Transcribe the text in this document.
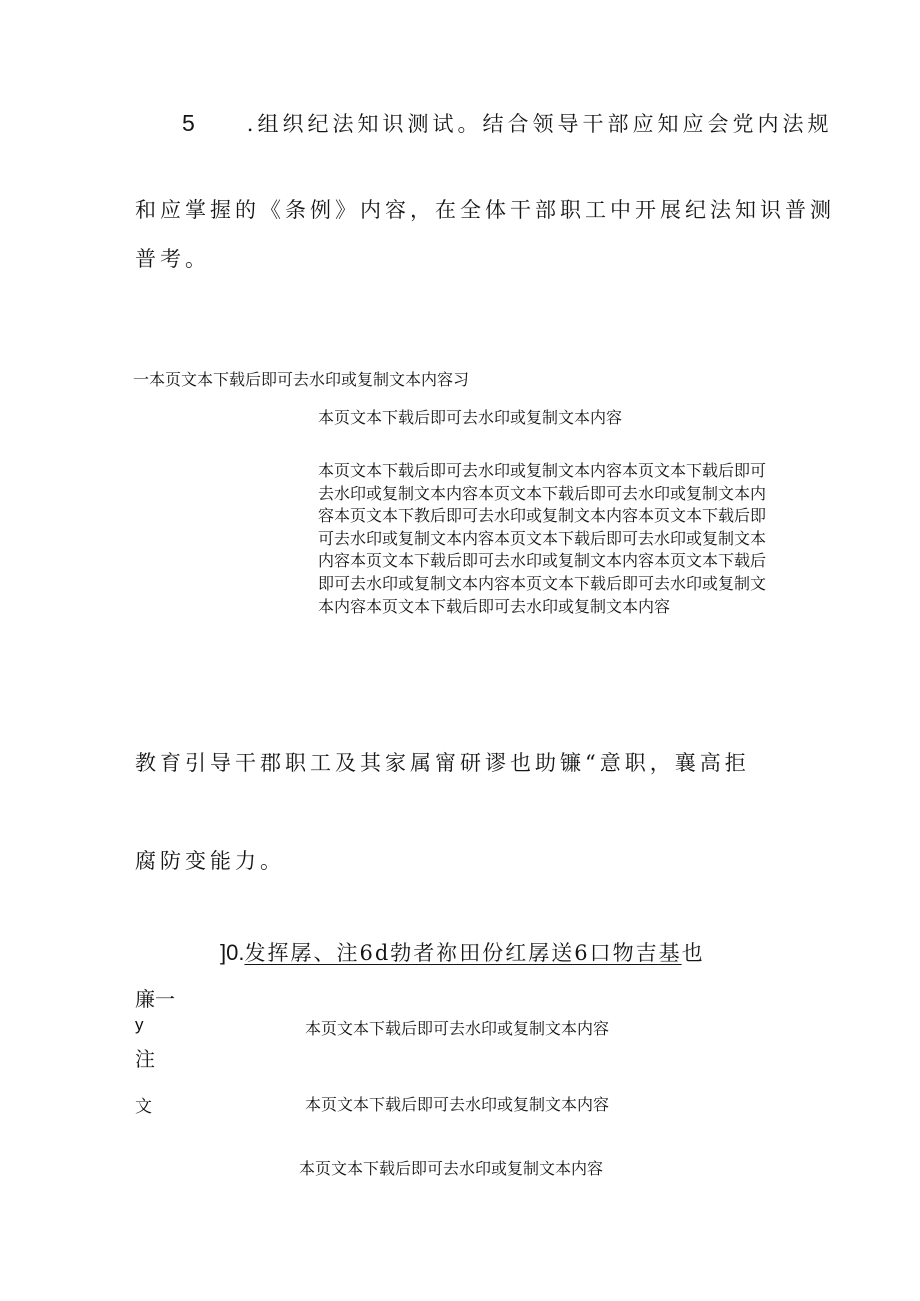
5 .组织纪法知识测试。结合领导干部应知应会党内法规
和应掌握的《条例》内容，在全体干部职工中开展纪法知识普测
普考。
一本页文本下载后即可去水印或复制文本内容习
本页文本下载后即可去水印或复制文本内容
本页文本下载后即可去水印或复制文本内容本页文本下载后即可去水印或复制文本内容本页文本下载后即可去水印或复制文本内容本页文本下教后即可去水印或复制文本内容本页文本下载后即可去水印或复制文本内容本页文本下载后即可去水印或复制文本内容本页文本下载后即可去水印或复制文本内容本页文本下载后即可去水印或复制文本内容本页文本下载后即可去水印或复制文本内容本页文本下载后即可去水印或复制文本内容
教育引导干郡职工及其家属甯研谬也助镰“意职，襄高拒
腐防变能力。
]0.发挥孱、注6d勃者祢田份红孱送6口物吉基也
廉一
y
注
文
本页文本下载后即可去水印或复制文本内容
本页文本下载后即可去水印或复制文本内容
本页文本下载后即可去水印或复制文本内容
